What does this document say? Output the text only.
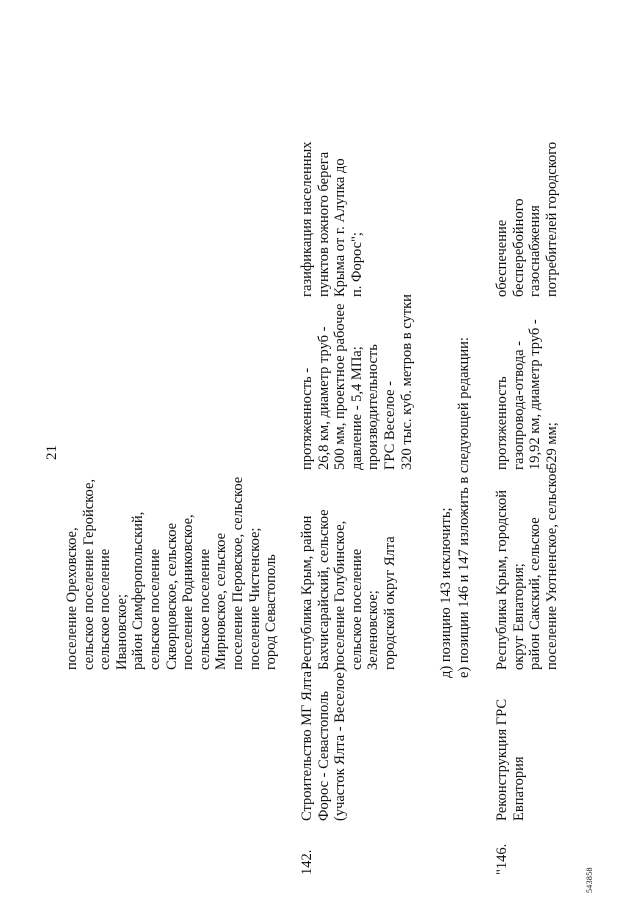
21
поселение Ореховское, сельское поселение Геройское, сельское поселение Ивановское; район Симферопольский, сельское поселение Скворцовское, сельское поселение Родниковское, сельское поселение Мирновское, сельское поселение Перовское, сельское поселение Чистенское; город Севастополь
142.
Строительство МГ Ялта - Форос - Севастополь (участок Ялта - Веселое)
Республика Крым, район Бахчисарайский, сельское поселение Голубинское, сельское поселение Зеленовское; городской округ Ялта
протяженность - 26,8 км, диаметр труб - 500 мм, проектное рабочее давление - 5,4 МПа; производительность ГРС Веселое - 320 тыс. куб. метров в сутки
газификация населенных пунктов южного берега Крыма от г. Алупка до п. Форос";
д) позицию 143 исключить; е) позиции 146 и 147 изложить в следующей редакции:
"146.
Реконструкция ГРС Евпатория
Республика Крым, городской округ Евпатория; район Сакский, сельское поселение Уютненское, сельское
протяженность газопровода-отвода - 19,92 км, диаметр труб - 529 мм;
обеспечение бесперебойного газоснабжения потребителей городского
543858
